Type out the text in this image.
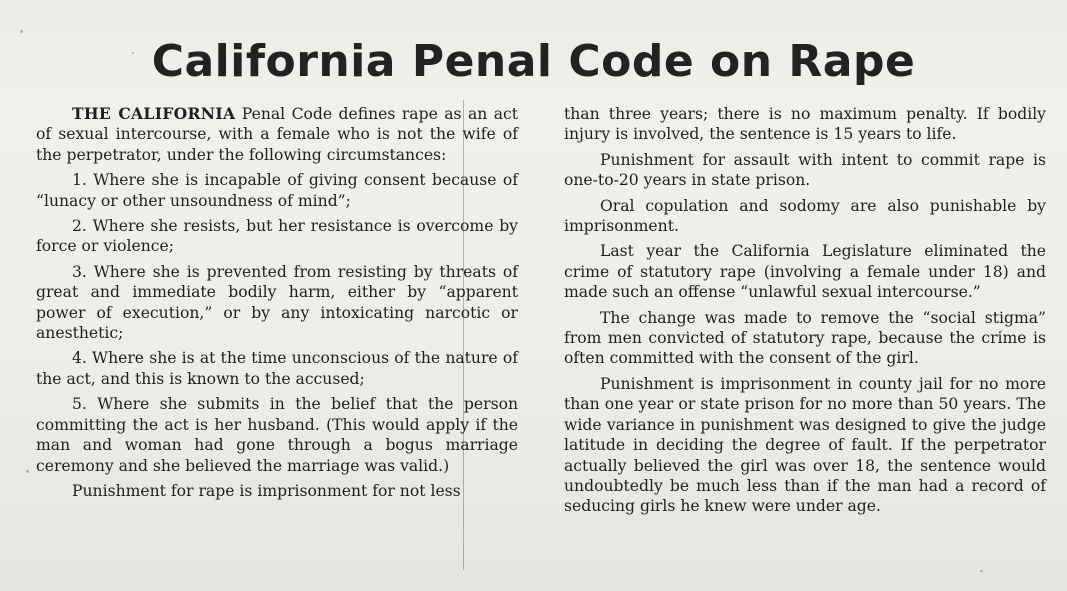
California Penal Code on Rape

THE CALIFORNIA Penal Code defines rape as an act of sexual intercourse, with a female who is not the wife of the perpetrator, under the following circumstances:

1. Where she is incapable of giving consent because of “lunacy or other unsoundness of mind”;

2. Where she resists, but her resistance is overcome by force or violence;

3. Where she is prevented from resisting by threats of great and immediate bodily harm, either by “apparent power of execution,” or by any intoxicating narcotic or anesthetic;

4. Where she is at the time unconscious of the nature of the act, and this is known to the accused;

5. Where she submits in the belief that the person committing the act is her husband. (This would apply if the man and woman had gone through a bogus marriage ceremony and she believed the marriage was valid.)

Punishment for rape is imprisonment for not less

than three years; there is no maximum penalty. If bodily injury is involved, the sentence is 15 years to life.

Punishment for assault with intent to commit rape is one-to-20 years in state prison.

Oral copulation and sodomy are also punishable by imprisonment.

Last year the California Legislature eliminated the crime of statutory rape (involving a female under 18) and made such an offense “unlawful sexual intercourse.”

The change was made to remove the “social stigma” from men convicted of statutory rape, because the crime is often committed with the consent of the girl.

Punishment is imprisonment in county jail for no more than one year or state prison for no more than 50 years. The wide variance in punishment was designed to give the judge latitude in deciding the degree of fault. If the perpetrator actually believed the girl was over 18, the sentence would undoubtedly be much less than if the man had a record of seducing girls he knew were under age.
